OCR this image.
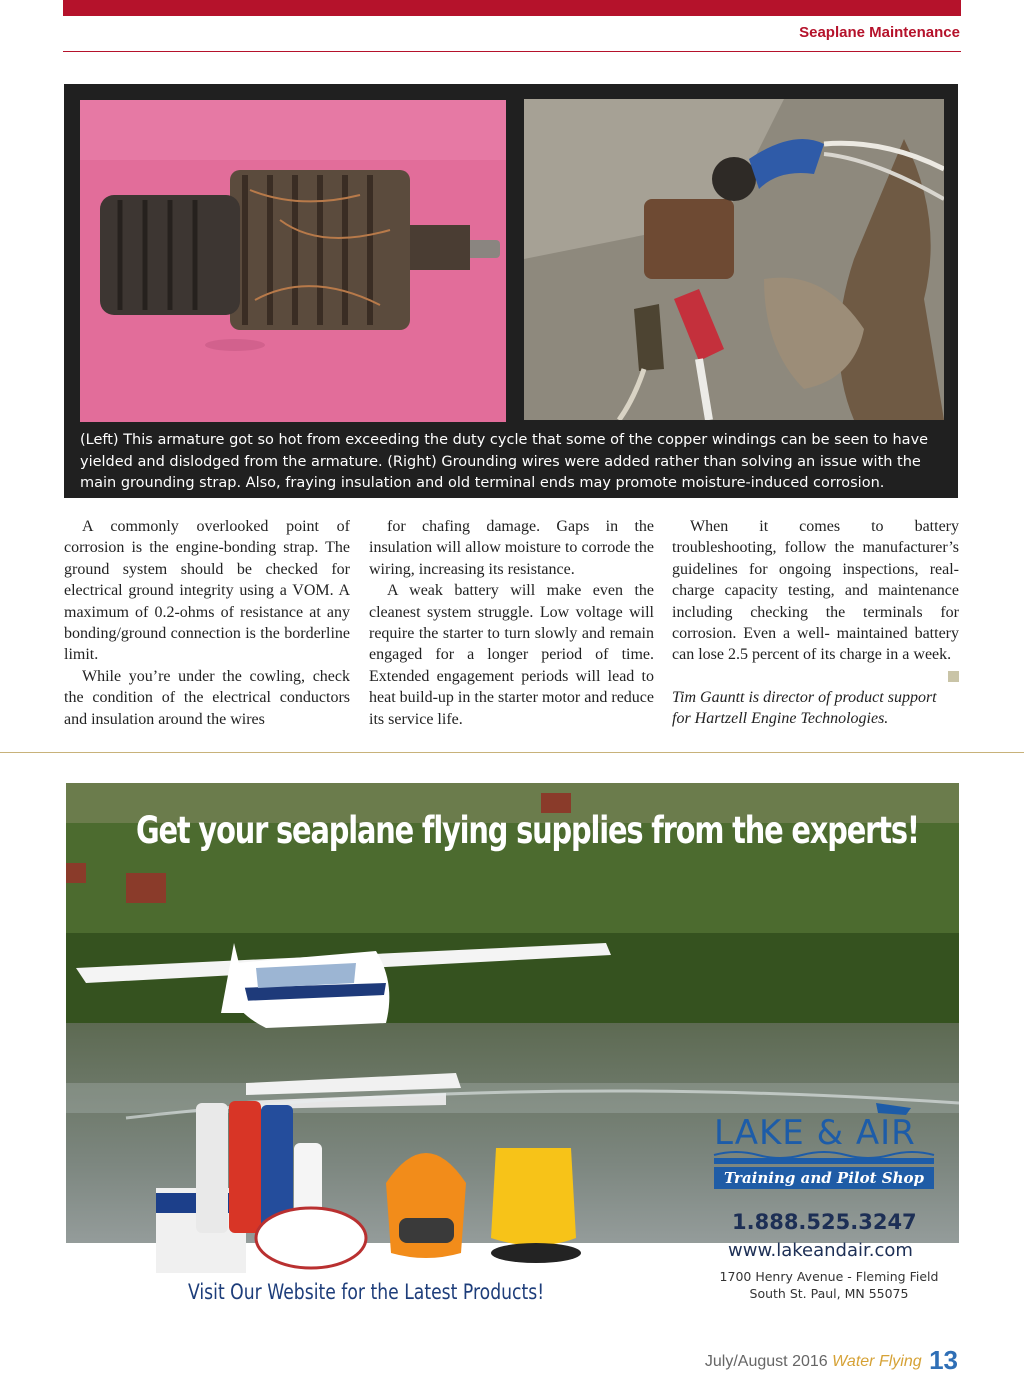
Seaplane Maintenance
(Left) This armature got so hot from exceeding the duty cycle that some of the copper windings can be seen to have yielded and dislodged from the armature. (Right) Grounding wires were added rather than solving an issue with the main grounding strap. Also, fraying insulation and old terminal ends may promote moisture-induced corrosion.

A commonly overlooked point of corrosion is the engine-bonding strap. The ground system should be checked for electrical ground integrity using a VOM. A maximum of 0.2-ohms of resistance at any bonding/ground connection is the borderline limit.

While you’re under the cowling, check the condition of the electrical conductors and insulation around the wires

for chafing damage. Gaps in the insulation will allow moisture to corrode the wiring, increasing its resistance.

A weak battery will make even the cleanest system struggle. Low voltage will require the starter to turn slowly and remain engaged for a longer period of time. Extended engagement periods will lead to heat build-up in the starter motor and reduce its service life.

When it comes to battery troubleshooting, follow the manufacturer’s guidelines for ongoing inspections, real-charge capacity testing, and maintenance including checking the terminals for corrosion. Even a well- maintained battery can lose 2.5 percent of its charge in a week.

Tim Gauntt is director of product support for Hartzell Engine Technologies.

Get your seaplane flying supplies from the experts!
LAKE & AIR
Training and Pilot Shop
1.888.525.3247
www.lakeandair.com
1700 Henry Avenue - Fleming Field
South St. Paul, MN 55075
Visit Our Website for the Latest Products!
July/August 2016 Water Flying 13
